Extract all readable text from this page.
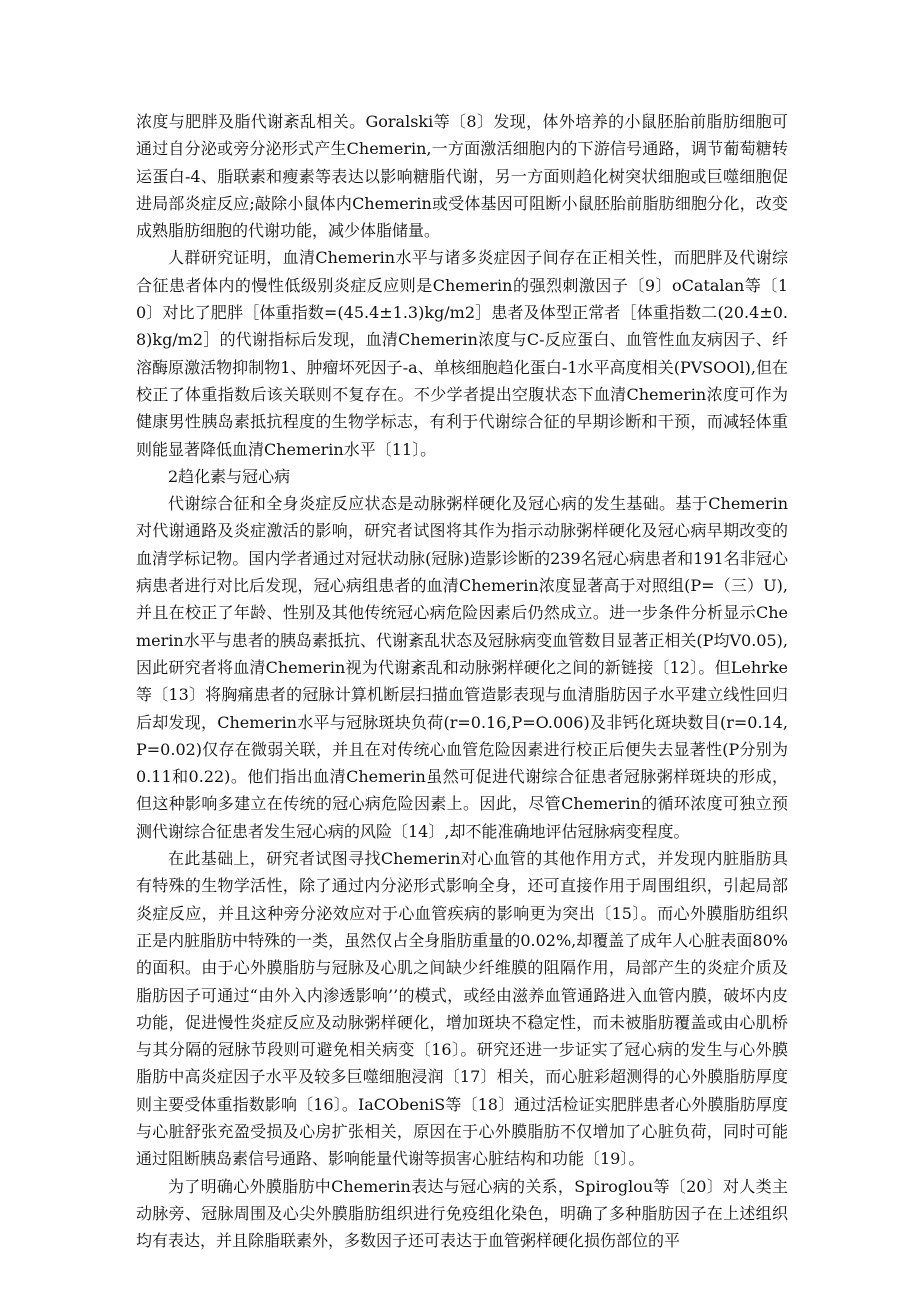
浓度与肥胖及脂代谢紊乱相关。Goralski等〔8〕发现，体外培养的小鼠胚胎前脂肪细胞可通过自分泌或旁分泌形式产生Chemerin,一方面激活细胞内的下游信号通路，调节葡萄糖转运蛋白-4、脂联素和瘦素等表达以影响糖脂代谢，另一方面则趋化树突状细胞或巨噬细胞促进局部炎症反应;敲除小鼠体内Chemerin或受体基因可阻断小鼠胚胎前脂肪细胞分化，改变成熟脂肪细胞的代谢功能，减少体脂储量。

人群研究证明，血清Chemerin水平与诸多炎症因子间存在正相关性，而肥胖及代谢综合征患者体内的慢性低级别炎症反应则是Chemerin的强烈刺激因子〔9〕oCatalan等〔10〕对比了肥胖［体重指数=(45.4±1.3)kg∕m2］患者及体型正常者［体重指数二(20.4±0.8)kg∕m2］的代谢指标后发现，血清Chemerin浓度与C-反应蛋白、血管性血友病因子、纤溶酶原激活物抑制物1、肿瘤坏死因子-a、单核细胞趋化蛋白-1水平高度相关(PVSOOl),但在校正了体重指数后该关联则不复存在。不少学者提出空腹状态下血清Chemerin浓度可作为健康男性胰岛素抵抗程度的生物学标志，有利于代谢综合征的早期诊断和干预，而减轻体重则能显著降低血清Chemerin水平〔11〕。

2趋化素与冠心病

代谢综合征和全身炎症反应状态是动脉粥样硬化及冠心病的发生基础。基于Chemerin对代谢通路及炎症激活的影响，研究者试图将其作为指示动脉粥样硬化及冠心病早期改变的血清学标记物。国内学者通过对冠状动脉(冠脉)造影诊断的239名冠心病患者和191名非冠心病患者进行对比后发现，冠心病组患者的血清Chemerin浓度显著高于对照组(P=（三）U),并且在校正了年龄、性别及其他传统冠心病危险因素后仍然成立。进一步条件分析显示Chemerin水平与患者的胰岛素抵抗、代谢紊乱状态及冠脉病变血管数目显著正相关(P均V0.05),因此研究者将血清Chemerin视为代谢紊乱和动脉粥样硬化之间的新链接〔12〕。但Lehrke等〔13〕将胸痛患者的冠脉计算机断层扫描血管造影表现与血清脂肪因子水平建立线性回归后却发现，Chemerin水平与冠脉斑块负荷(r=0.16,P=O.006)及非钙化斑块数目(r=0.14,P=0.02)仅存在微弱关联，并且在对传统心血管危险因素进行校正后便失去显著性(P分别为0.11和0.22)。他们指出血清Chemerin虽然可促进代谢综合征患者冠脉粥样斑块的形成，但这种影响多建立在传统的冠心病危险因素上。因此，尽管Chemerin的循环浓度可独立预测代谢综合征患者发生冠心病的风险〔14〕,却不能准确地评估冠脉病变程度。

在此基础上，研究者试图寻找Chemerin对心血管的其他作用方式，并发现内脏脂肪具有特殊的生物学活性，除了通过内分泌形式影响全身，还可直接作用于周围组织，引起局部炎症反应，并且这种旁分泌效应对于心血管疾病的影响更为突出〔15〕。而心外膜脂肪组织正是内脏脂肪中特殊的一类，虽然仅占全身脂肪重量的0.02%,却覆盖了成年人心脏表面80%的面积。由于心外膜脂肪与冠脉及心肌之间缺少纤维膜的阻隔作用，局部产生的炎症介质及脂肪因子可通过“由外入内渗透影响’’的模式，或经由滋养血管通路进入血管内膜，破坏内皮功能，促进慢性炎症反应及动脉粥样硬化，增加斑块不稳定性，而未被脂肪覆盖或由心肌桥与其分隔的冠脉节段则可避免相关病变〔16〕。研究还进一步证实了冠心病的发生与心外膜脂肪中高炎症因子水平及较多巨噬细胞浸润〔17〕相关，而心脏彩超测得的心外膜脂肪厚度则主要受体重指数影响〔16〕。IaCObeniS等〔18〕通过活检证实肥胖患者心外膜脂肪厚度与心脏舒张充盈受损及心房扩张相关，原因在于心外膜脂肪不仅增加了心脏负荷，同时可能通过阻断胰岛素信号通路、影响能量代谢等损害心脏结构和功能〔19〕。

为了明确心外膜脂肪中Chemerin表达与冠心病的关系，Spiroglou等〔20〕对人类主动脉旁、冠脉周围及心尖外膜脂肪组织进行免疫组化染色，明确了多种脂肪因子在上述组织均有表达，并且除脂联素外，多数因子还可表达于血管粥样硬化损伤部位的平
